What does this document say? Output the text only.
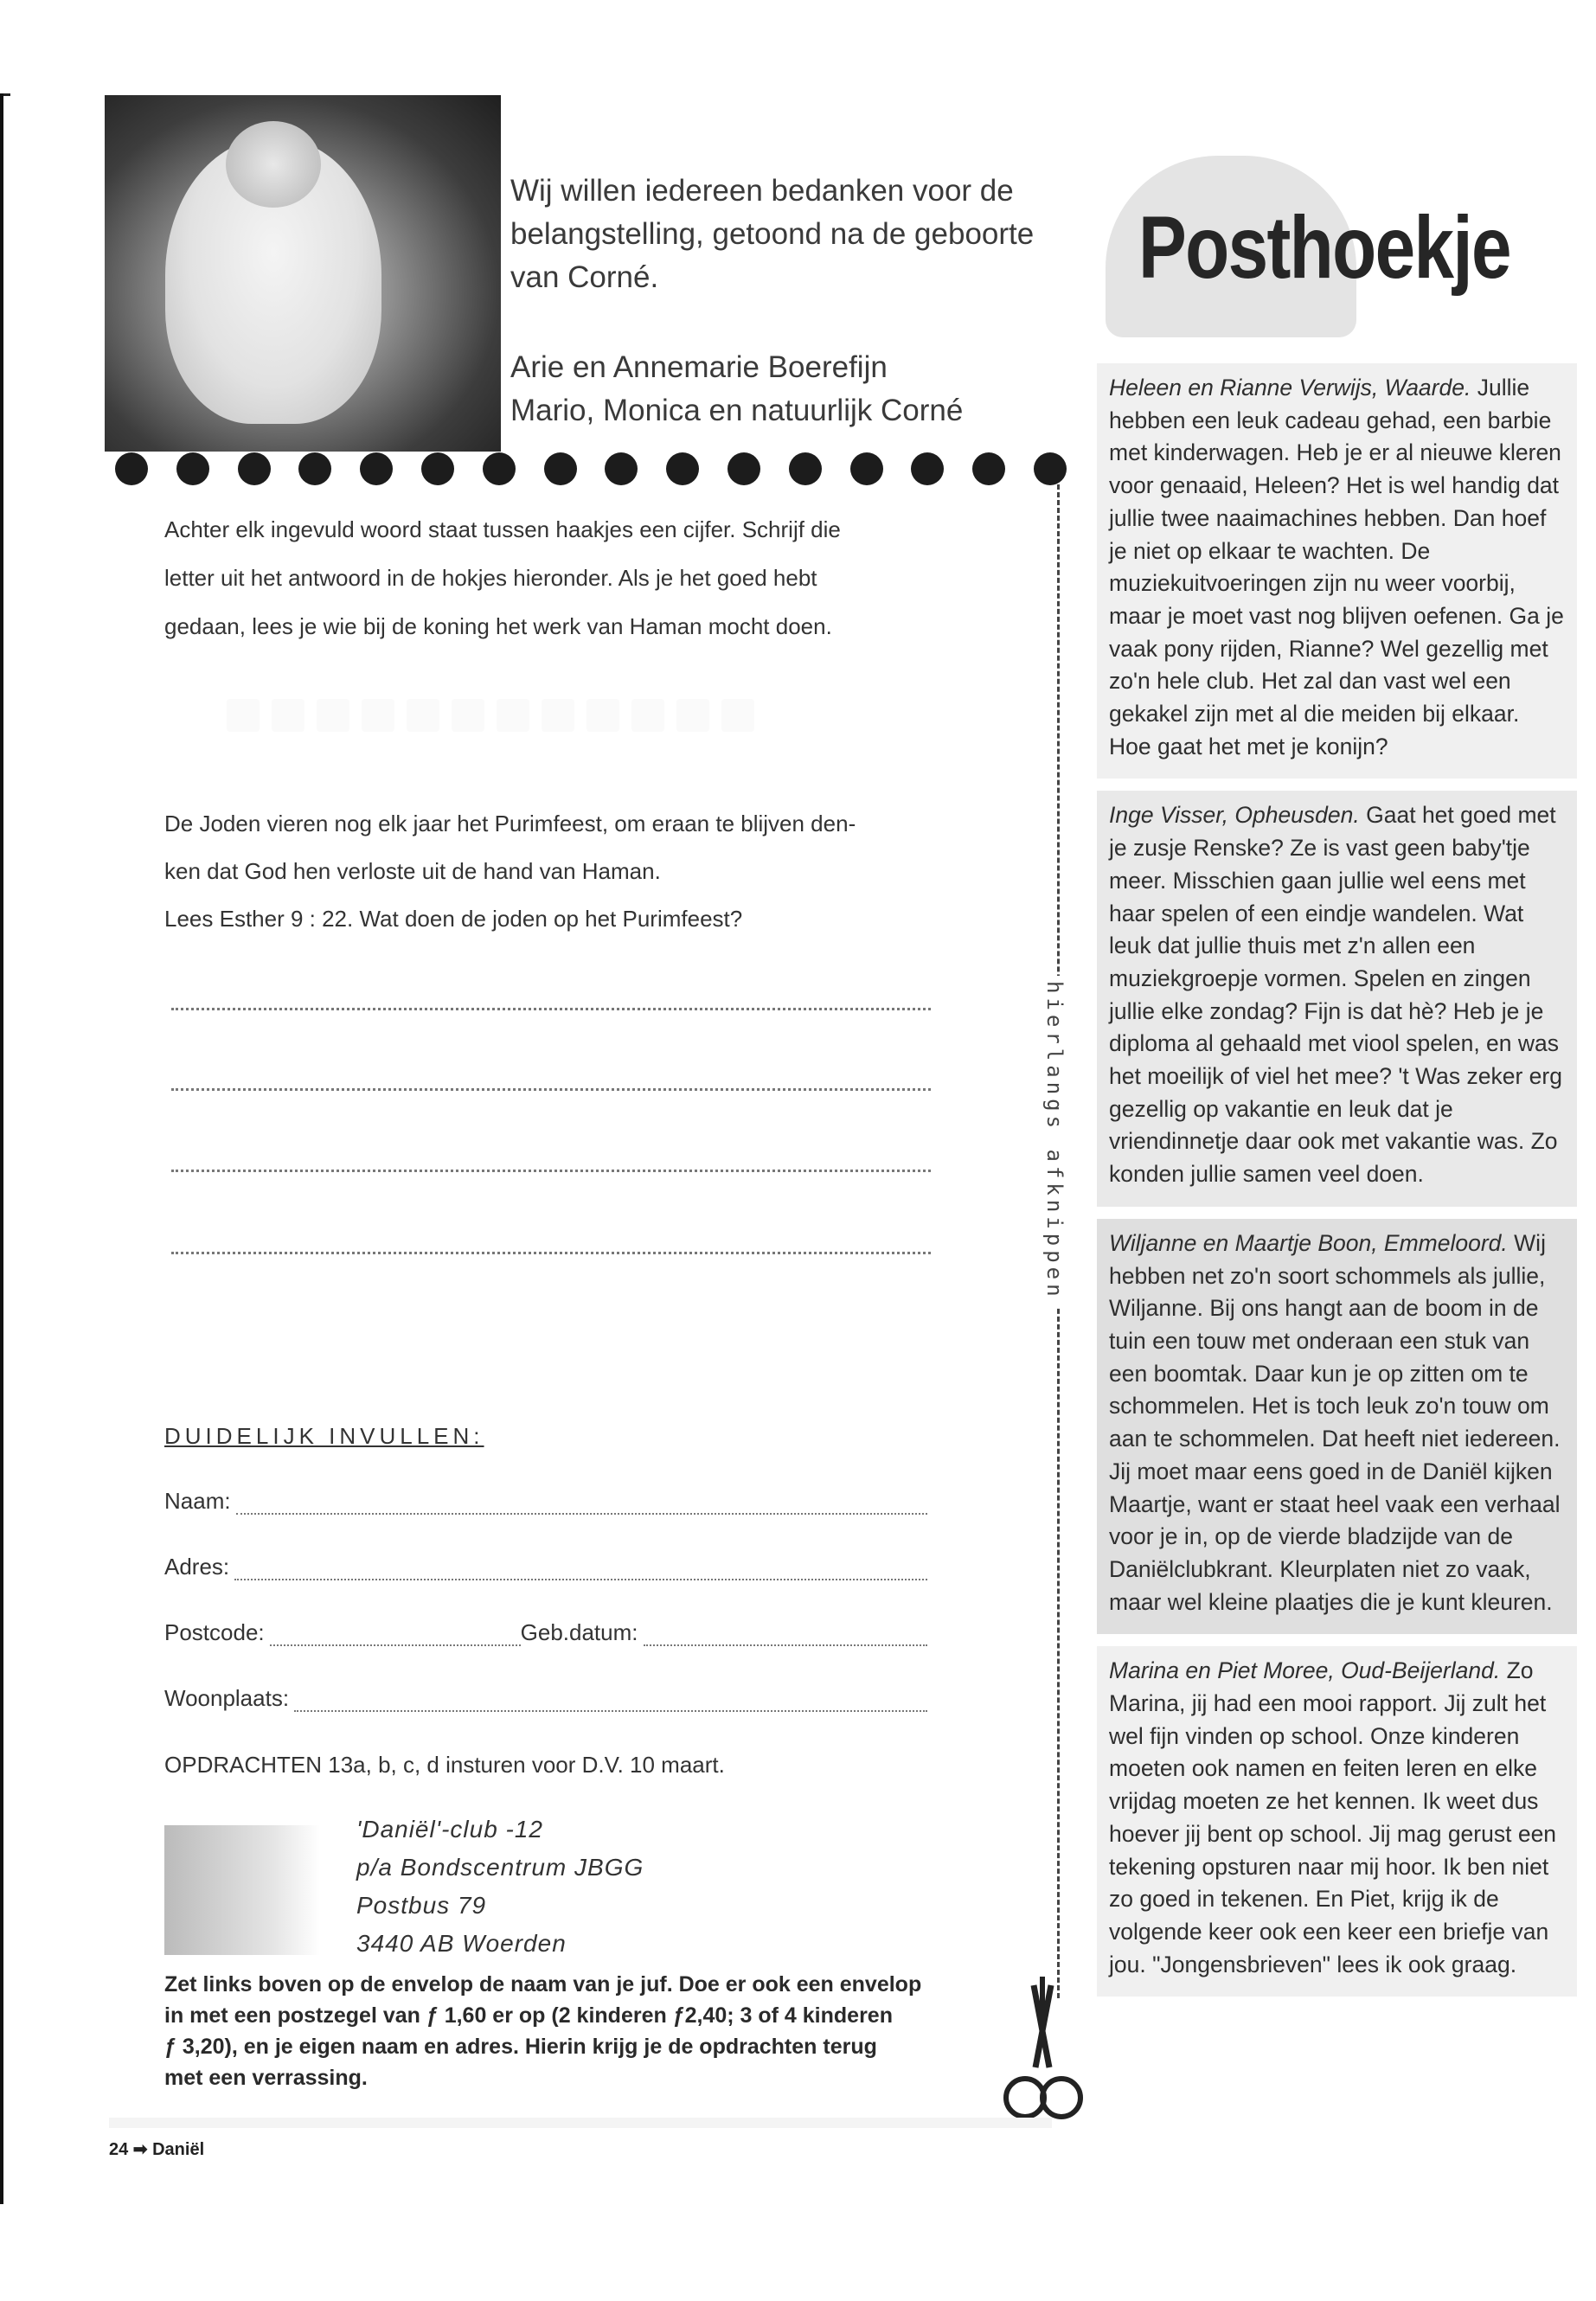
Wij willen iedereen bedanken voor de
belangstelling, getoond na de geboorte
van Corné.
Arie en Annemarie Boerefijn
Mario, Monica en natuurlijk Corné
Achter elk ingevuld woord staat tussen haakjes een cijfer. Schrijf die
letter uit het antwoord in de hokjes hieronder. Als je het goed hebt
gedaan, lees je wie bij de koning het werk van Haman mocht doen.
De Joden vieren nog elk jaar het Purimfeest, om eraan te blijven den-
ken dat God hen verloste uit de hand van Haman.
Lees Esther 9 : 22. Wat doen de joden op het Purimfeest?
hierlangs afknippen
DUIDELIJK INVULLEN:
Naam:
Adres:
Postcode:	Geb.datum:
Woonplaats:
OPDRACHTEN 13a, b, c, d insturen voor D.V. 10 maart.
'Daniël'-club -12
p/a Bondscentrum JBGG
Postbus 79
3440 AB Woerden
Zet links boven op de envelop de naam van je juf. Doe er ook een envelop
in met een postzegel van ƒ 1,60 er op (2 kinderen ƒ2,40; 3 of 4 kinderen
ƒ 3,20), en je eigen naam en adres. Hierin krijg je de opdrachten terug
met een verrassing.
24 ➡ Daniël
Posthoekje
Heleen en Rianne Verwijs, Waarde. Jullie hebben een leuk cadeau gehad, een barbie met kinderwagen. Heb je er al nieuwe kleren voor genaaid, Heleen? Het is wel handig dat jullie twee naaimachines hebben. Dan hoef je niet op elkaar te wachten. De muziekuitvoeringen zijn nu weer voorbij, maar je moet vast nog blijven oefenen. Ga je vaak pony rijden, Rianne? Wel gezellig met zo'n hele club. Het zal dan vast wel een gekakel zijn met al die meiden bij elkaar. Hoe gaat het met je konijn?
Inge Visser, Opheusden. Gaat het goed met je zusje Renske? Ze is vast geen baby'tje meer. Misschien gaan jullie wel eens met haar spelen of een eindje wandelen. Wat leuk dat jullie thuis met z'n allen een muziekgroepje vormen. Spelen en zingen jullie elke zondag? Fijn is dat hè? Heb je je diploma al gehaald met viool spelen, en was het moeilijk of viel het mee? 't Was zeker erg gezellig op vakantie en leuk dat je vriendinnetje daar ook met vakantie was. Zo konden jullie samen veel doen.
Wiljanne en Maartje Boon, Emmeloord. Wij hebben net zo'n soort schommels als jullie, Wiljanne. Bij ons hangt aan de boom in de tuin een touw met onderaan een stuk van een boomtak. Daar kun je op zitten om te schommelen. Het is toch leuk zo'n touw om aan te schommelen. Dat heeft niet iedereen. Jij moet maar eens goed in de Daniël kijken Maartje, want er staat heel vaak een verhaal voor je in, op de vierde bladzijde van de Daniëlclubkrant. Kleurplaten niet zo vaak, maar wel kleine plaatjes die je kunt kleuren.
Marina en Piet Moree, Oud-Beijerland. Zo Marina, jij had een mooi rapport. Jij zult het wel fijn vinden op school. Onze kinderen moeten ook namen en feiten leren en elke vrijdag moeten ze het kennen. Ik weet dus hoever jij bent op school. Jij mag gerust een tekening opsturen naar mij hoor. Ik ben niet zo goed in tekenen. En Piet, krijg ik de volgende keer ook een keer een briefje van jou. "Jongensbrieven" lees ik ook graag.
